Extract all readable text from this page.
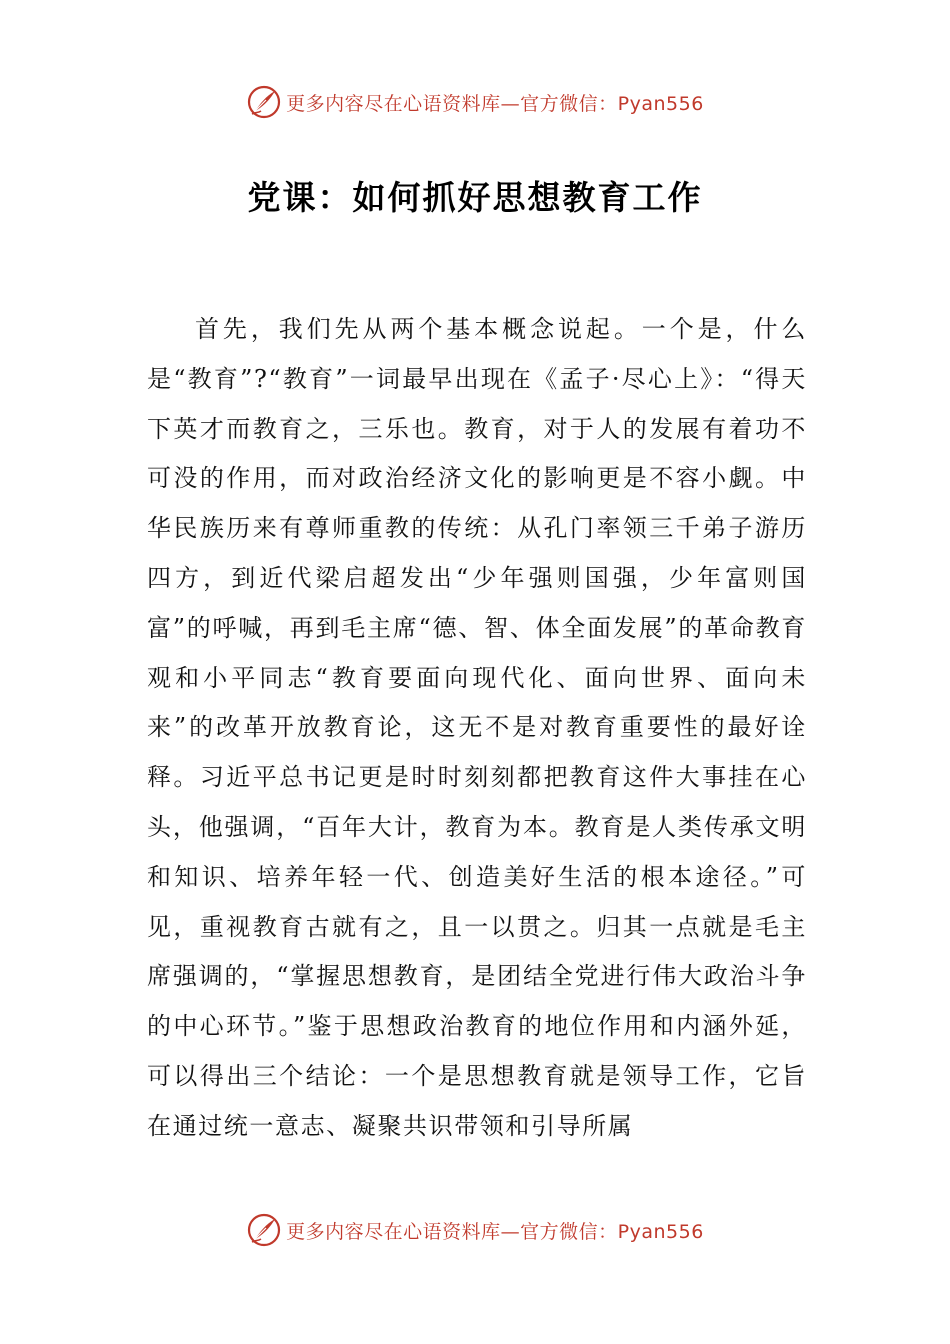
更多内容尽在心语资料库—官方微信：Pyan556
党课：如何抓好思想教育工作

首先，我们先从两个基本概念说起。一个是，什么是“教育”?“教育”一词最早出现在《孟子·尽心上》：“得天下英才而教育之，三乐也。教育，对于人的发展有着功不可没的作用，而对政治经济文化的影响更是不容小觑。中华民族历来有尊师重教的传统：从孔门率领三千弟子游历四方，到近代梁启超发出“少年强则国强，少年富则国富”的呼喊，再到毛主席“德、智、体全面发展”的革命教育观和小平同志“教育要面向现代化、面向世界、面向未来”的改革开放教育论，这无不是对教育重要性的最好诠释。习近平总书记更是时时刻刻都把教育这件大事挂在心头，他强调，“百年大计，教育为本。教育是人类传承文明和知识、培养年轻一代、创造美好生活的根本途径。”可见，重视教育古就有之，且一以贯之。归其一点就是毛主席强调的，“掌握思想教育，是团结全党进行伟大政治斗争的中心环节。”鉴于思想政治教育的地位作用和内涵外延，可以得出三个结论：一个是思想教育就是领导工作，它旨在通过统一意志、凝聚共识带领和引导所属

更多内容尽在心语资料库—官方微信：Pyan556
